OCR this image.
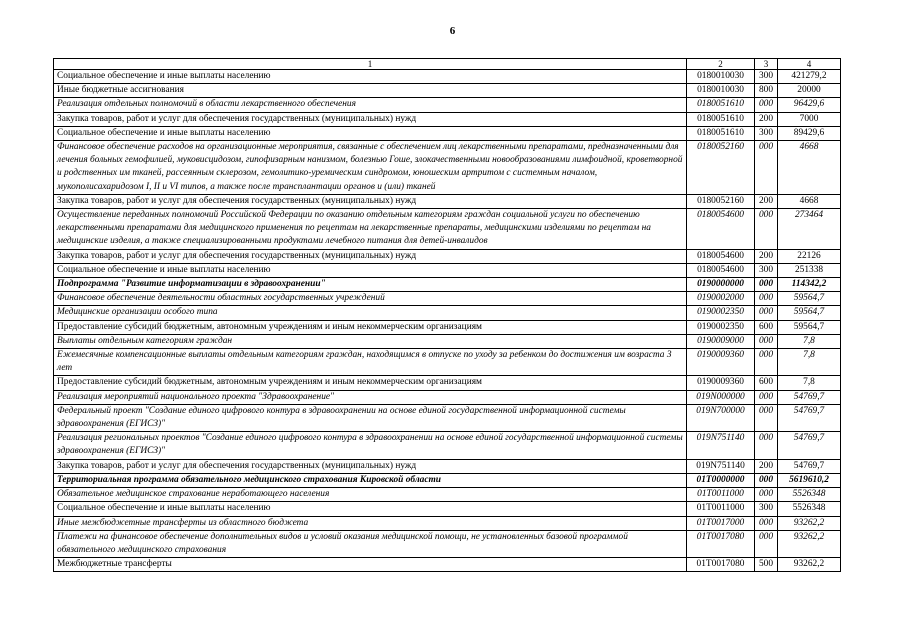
6
1	2	3	4
Социальное обеспечение и иные выплаты населению	0180010030	300	421279,2
Иные бюджетные ассигнования	0180010030	800	20000
Реализация отдельных полномочий в области лекарственного обеспечения	0180051610	000	96429,6
Закупка товаров, работ и услуг для обеспечения государственных (муниципальных) нужд	0180051610	200	7000
Социальное обеспечение и иные выплаты населению	0180051610	300	89429,6
Финансовое обеспечение расходов на организационные мероприятия, связанные с обеспечением лиц лекарственными препаратами, предназначенными для лечения больных гемофилией, муковисцидозом, гипофизарным нанизмом, болезнью Гоше, злокачественными новообразованиями лимфоидной, кроветворной и родственных им тканей, рассеянным склерозом, гемолитико-уремическим синдромом, юношеским артритом с системным началом, мукополисахаридозом I, II и VI типов, а также после трансплантации органов и (или) тканей	0180052160	000	4668
Закупка товаров, работ и услуг для обеспечения государственных (муниципальных) нужд	0180052160	200	4668
Осуществление переданных полномочий Российской Федерации по оказанию отдельным категориям граждан социальной услуги по обеспечению лекарственными препаратами для медицинского применения по рецептам на лекарственные препараты, медицинскими изделиями по рецептам на медицинские изделия, а также специализированными продуктами лечебного питания для детей-инвалидов	0180054600	000	273464
Закупка товаров, работ и услуг для обеспечения государственных (муниципальных) нужд	0180054600	200	22126
Социальное обеспечение и иные выплаты населению	0180054600	300	251338
Подпрограмма "Развитие информатизации в здравоохранении"	0190000000	000	114342,2
Финансовое обеспечение деятельности областных государственных учреждений	0190002000	000	59564,7
Медицинские организации особого типа	0190002350	000	59564,7
Предоставление субсидий бюджетным, автономным учреждениям и иным некоммерческим организациям	0190002350	600	59564,7
Выплаты отдельным категориям граждан	0190009000	000	7,8
Ежемесячные компенсационные выплаты отдельным категориям граждан, находящимся в отпуске по уходу за ребенком до достижения им возраста 3 лет	0190009360	000	7,8
Предоставление субсидий бюджетным, автономным учреждениям и иным некоммерческим организациям	0190009360	600	7,8
Реализация мероприятий национального проекта "Здравоохранение"	019N000000	000	54769,7
Федеральный проект "Создание единого цифрового контура в здравоохранении на основе единой государственной информационной системы здравоохранения (ЕГИСЗ)"	019N700000	000	54769,7
Реализация региональных проектов "Создание единого цифрового контура в здравоохранении на основе единой государственной информационной системы здравоохранения (ЕГИСЗ)"	019N751140	000	54769,7
Закупка товаров, работ и услуг для обеспечения государственных (муниципальных) нужд	019N751140	200	54769,7
Территориальная программа обязательного медицинского страхования Кировской области	01T0000000	000	5619610,2
Обязательное медицинское страхование неработающего населения	01T0011000	000	5526348
Социальное обеспечение и иные выплаты населению	01T0011000	300	5526348
Иные межбюджетные трансферты из областного бюджета	01T0017000	000	93262,2
Платежи на финансовое обеспечение дополнительных видов и условий оказания медицинской помощи, не установленных базовой программой обязательного медицинского страхования	01T0017080	000	93262,2
Межбюджетные трансферты	01T0017080	500	93262,2
